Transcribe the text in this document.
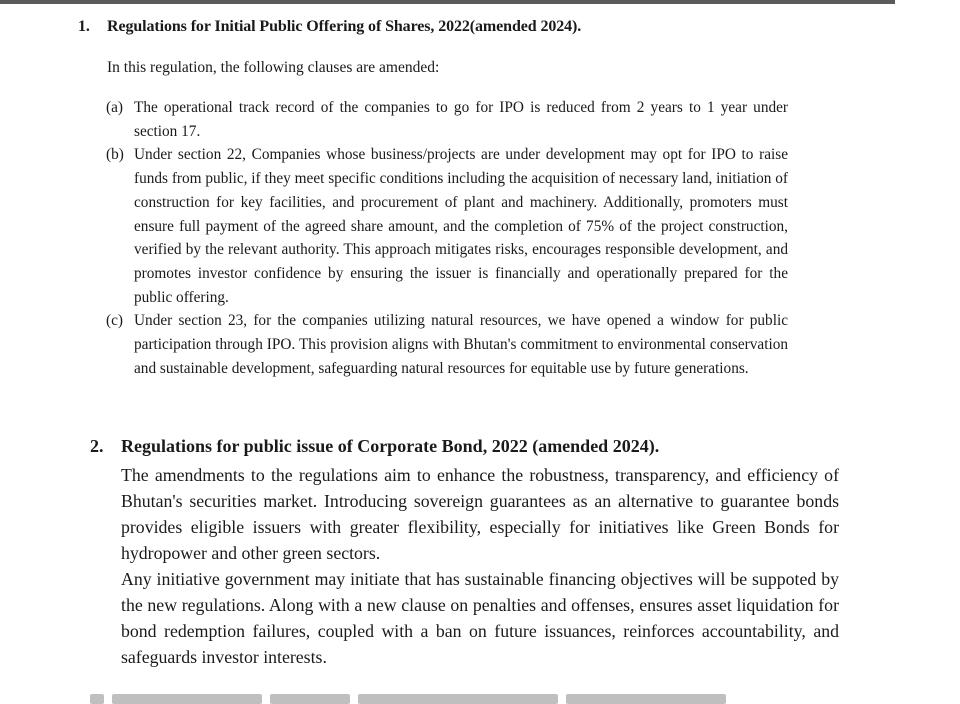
1. Regulations for Initial Public Offering of Shares, 2022(amended 2024).
In this regulation, the following clauses are amended:
(a) The operational track record of the companies to go for IPO is reduced from 2 years to 1 year under section 17.
(b) Under section 22, Companies whose business/projects are under development may opt for IPO to raise funds from public, if they meet specific conditions including the acquisition of necessary land, initiation of construction for key facilities, and procurement of plant and machinery. Additionally, promoters must ensure full payment of the agreed share amount, and the completion of 75% of the project construction, verified by the relevant authority. This approach mitigates risks, encourages responsible development, and promotes investor confidence by ensuring the issuer is financially and operationally prepared for the public offering.
(c) Under section 23, for the companies utilizing natural resources, we have opened a window for public participation through IPO. This provision aligns with Bhutan's commitment to environmental conservation and sustainable development, safeguarding natural resources for equitable use by future generations.
2. Regulations for public issue of Corporate Bond, 2022 (amended 2024).

The amendments to the regulations aim to enhance the robustness, transparency, and efficiency of Bhutan's securities market. Introducing sovereign guarantees as an alternative to guarantee bonds provides eligible issuers with greater flexibility, especially for initiatives like Green Bonds for hydropower and other green sectors.

Any initiative government may initiate that has sustainable financing objectives will be suppoted by the new regulations. Along with a new clause on penalties and offenses, ensures asset liquidation for bond redemption failures, coupled with a ban on future issuances, reinforces accountability, and safeguards investor interests.
